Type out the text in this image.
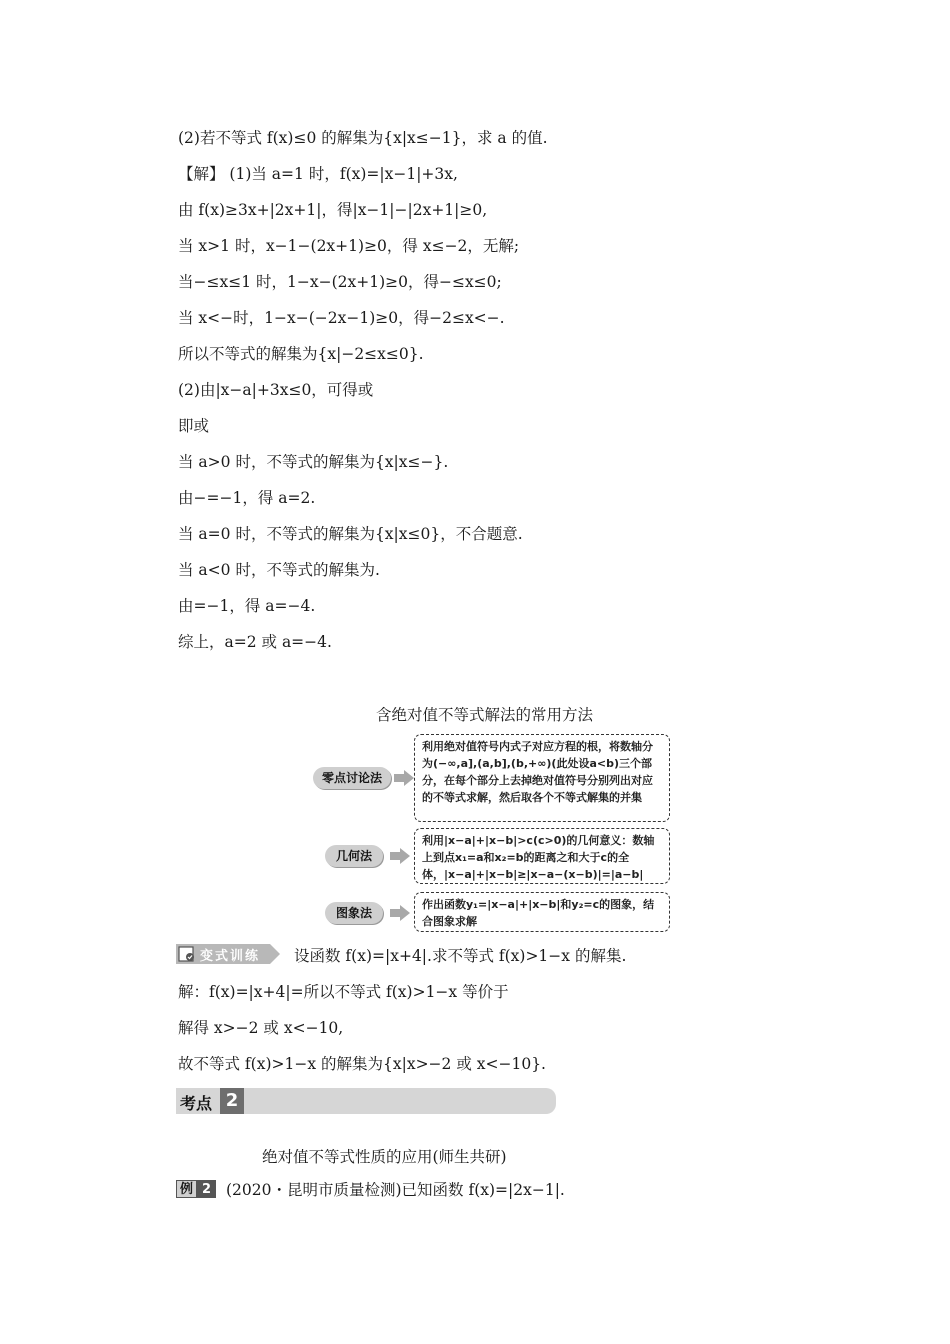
(2)若不等式 f(x)≤0 的解集为{x|x≤−1}，求 a 的值.
【解】 (1)当 a=1 时，f(x)=|x−1|+3x,
由 f(x)≥3x+|2x+1|，得|x−1|−|2x+1|≥0,
当 x>1 时，x−1−(2x+1)≥0，得 x≤−2，无解;
当−≤x≤1 时，1−x−(2x+1)≥0，得−≤x≤0;
当 x<−时，1−x−(−2x−1)≥0，得−2≤x<−.
所以不等式的解集为{x|−2≤x≤0}.
(2)由|x−a|+3x≤0，可得或
即或
当 a>0 时，不等式的解集为{x|x≤−}.
由−=−1，得 a=2.
当 a=0 时，不等式的解集为{x|x≤0}，不合题意.
当 a<0 时，不等式的解集为.
由=−1，得 a=−4.
综上，a=2 或 a=−4.
含绝对值不等式解法的常用方法
零点讨论法
利用绝对值符号内式子对应方程的根，将数轴分为(−∞,a],(a,b],(b,+∞)(此处设a<b)三个部分，在每个部分上去掉绝对值符号分别列出对应的不等式求解，然后取各个不等式解集的并集
几何法
利用|x−a|+|x−b|>c(c>0)的几何意义：数轴上到点x₁=a和x₂=b的距离之和大于c的全体，|x−a|+|x−b|≥|x−a−(x−b)|=|a−b|
图象法
作出函数y₁=|x−a|+|x−b|和y₂=c的图象，结合图象求解
变式训练 设函数 f(x)=|x+4|.求不等式 f(x)>1−x 的解集.
解：f(x)=|x+4|=所以不等式 f(x)>1−x 等价于
解得 x>−2 或 x<−10,
故不等式 f(x)>1−x 的解集为{x|x>−2 或 x<−10}.
考点 2
绝对值不等式性质的应用(师生共研)
例 2 (2020・昆明市质量检测)已知函数 f(x)=|2x−1|.
